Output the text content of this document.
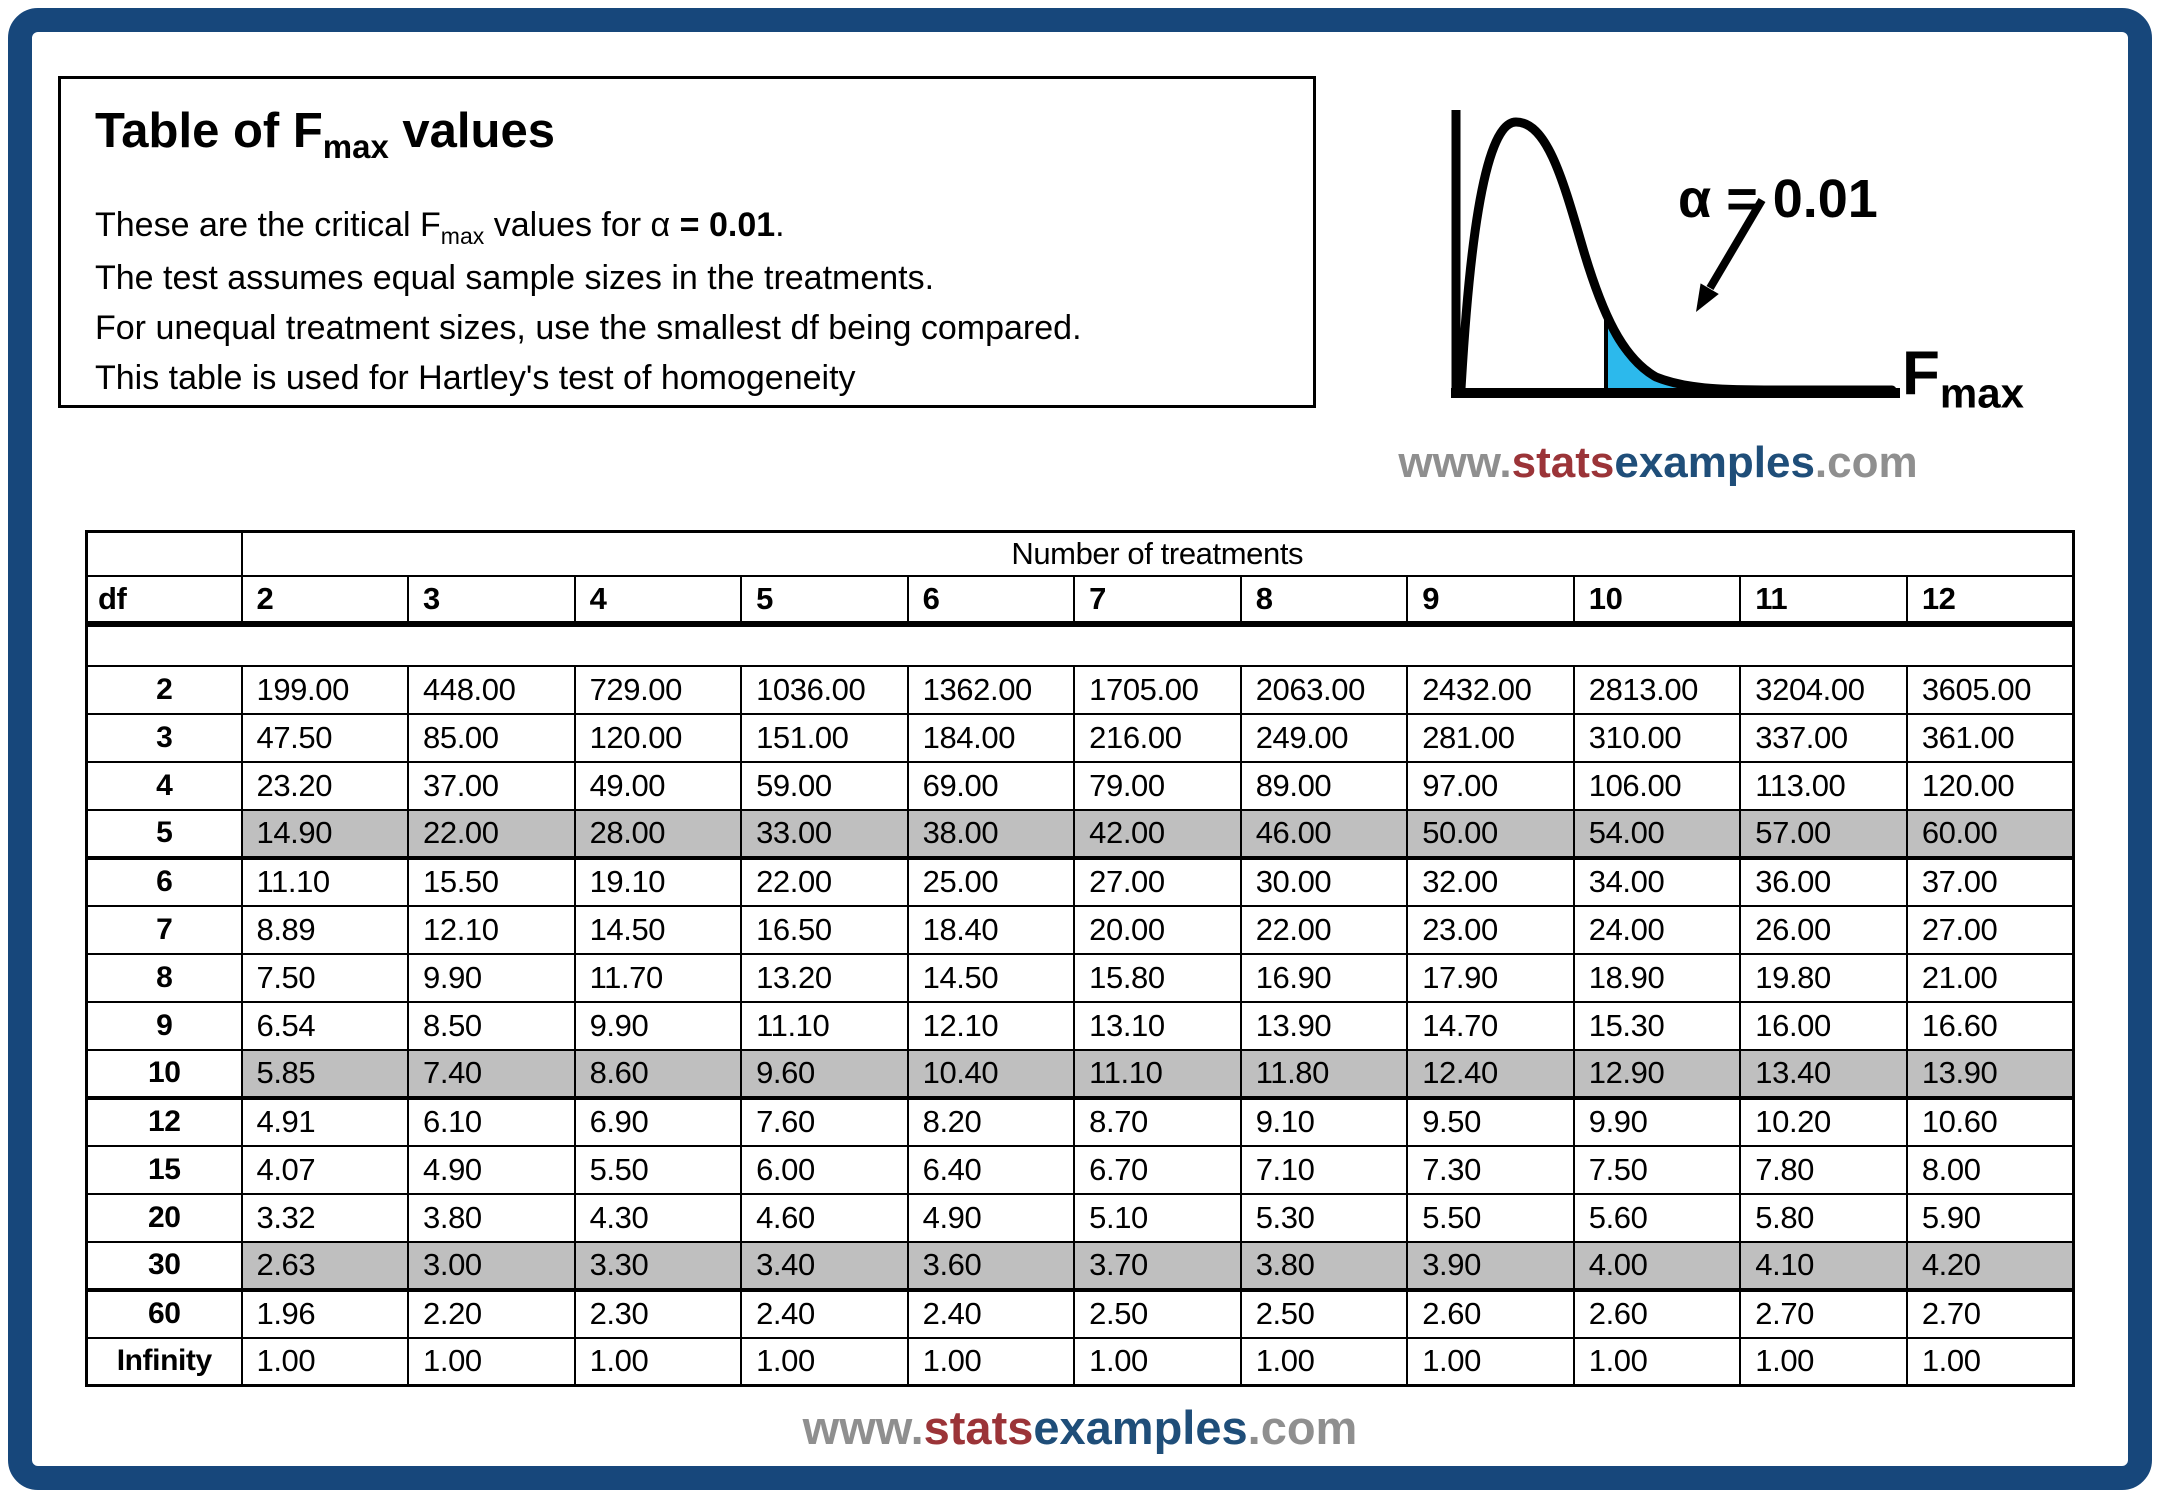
Table of $F_{max}$ values

These are the critical $F_{max}$ values for α = 0.01.

The test assumes equal sample sizes in the treatments.

For unequal treatment sizes, use the smallest df being compared.

This table is used for Hartley's test of homogeneity

α = 0.01
$F_{max}$
www.statsexamples.com
	Number of treatments										
df	2	3	4	5	6	7	8	9	10	11	12

2	199.00	448.00	729.00	1036.00	1362.00	1705.00	2063.00	2432.00	2813.00	3204.00	3605.00
3	47.50	85.00	120.00	151.00	184.00	216.00	249.00	281.00	310.00	337.00	361.00
4	23.20	37.00	49.00	59.00	69.00	79.00	89.00	97.00	106.00	113.00	120.00
5	14.90	22.00	28.00	33.00	38.00	42.00	46.00	50.00	54.00	57.00	60.00
6	11.10	15.50	19.10	22.00	25.00	27.00	30.00	32.00	34.00	36.00	37.00
7	8.89	12.10	14.50	16.50	18.40	20.00	22.00	23.00	24.00	26.00	27.00
8	7.50	9.90	11.70	13.20	14.50	15.80	16.90	17.90	18.90	19.80	21.00
9	6.54	8.50	9.90	11.10	12.10	13.10	13.90	14.70	15.30	16.00	16.60
10	5.85	7.40	8.60	9.60	10.40	11.10	11.80	12.40	12.90	13.40	13.90
12	4.91	6.10	6.90	7.60	8.20	8.70	9.10	9.50	9.90	10.20	10.60
15	4.07	4.90	5.50	6.00	6.40	6.70	7.10	7.30	7.50	7.80	8.00
20	3.32	3.80	4.30	4.60	4.90	5.10	5.30	5.50	5.60	5.80	5.90
30	2.63	3.00	3.30	3.40	3.60	3.70	3.80	3.90	4.00	4.10	4.20
60	1.96	2.20	2.30	2.40	2.40	2.50	2.50	2.60	2.60	2.70	2.70
Infinity	1.00	1.00	1.00	1.00	1.00	1.00	1.00	1.00	1.00	1.00	1.00
www.statsexamples.com
